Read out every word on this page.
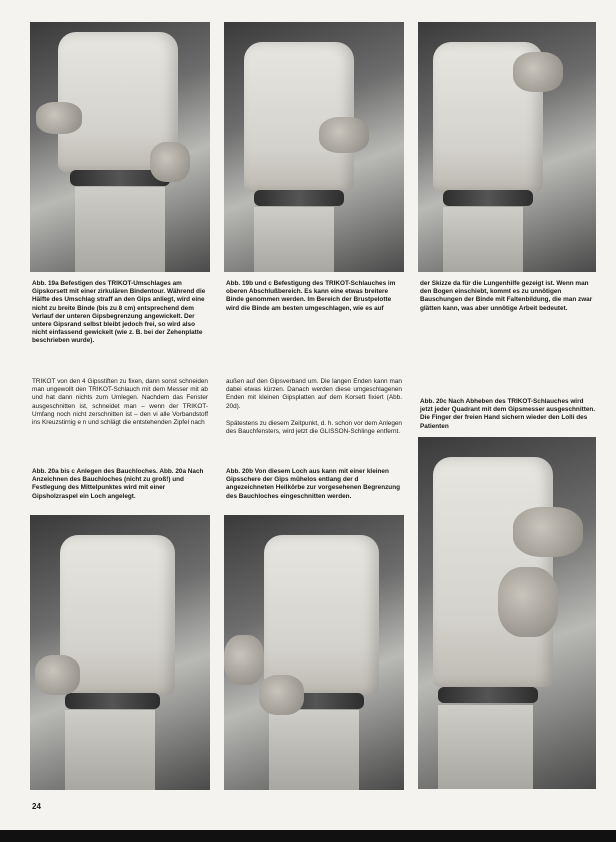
Abb. 19a Befestigen des TRIKOT-Umschlages am Gipskorsett mit einer zirkulären Bindentour. Während die Hälfte des Umschlag straff an den Gips anliegt, wird eine nicht zu breite Binde (bis zu 8 cm) entsprechend dem Verlauf der unteren Gipsbegrenzung angewickelt. Der untere Gipsrand selbst bleibt jedoch frei, so wird also nicht einfassend gewickelt (wie z. B. bei der Zehenplatte beschrieben wurde).

Abb. 19b und c Befestigung des TRIKOT-Schlauches im oberen Abschlußbereich. Es kann eine etwas breitere Binde genommen werden. Im Bereich der Brustpelotte wird die Binde am besten umgeschlagen, wie es auf

der Skizze da für die Lungenhilfe gezeigt ist. Wenn man den Bogen einschiebt, kommt es zu unnötigen Bauschungen der Binde mit Faltenbildung, die man zwar glätten kann, was aber unnötige Arbeit bedeutet.

TRIKOT von den 4 Gipsstiften zu fixen, dann sonst schneiden man ungewollt den TRIKOT-Schlauch mit dem Messer mit ab und hat dann nichts zum Umlegen. Nachdem das Fenster ausgeschnitten ist, schneidet man – wenn der TRIKOT-Umfang noch nicht zerschnitten ist – den vi alle Vorbandstoff ins Kreuzstirnig e n und schlägt die entstehenden Zipfel nach

außen auf den Gipsverband um. Die langen Enden kann man dabei etwas kürzen. Danach werden diese umgeschlagenen Enden mit kleinen Gipsplatten auf dem Korsett fixiert (Abb. 20d).

Spätestens zu diesem Zeitpunkt, d. h. schon vor dem Anlegen des Bauchfensters, wird jetzt die GLISSON-Schlinge entfernt.

Abb. 20c Nach Abheben des TRIKOT-Schlauches wird jetzt jeder Quadrant mit dem Gipsmesser ausgeschnitten. Die Finger der freien Hand sichern wieder den Lolli des Patienten

Abb. 20a bis c Anlegen des Bauchloches. Abb. 20a Nach Anzeichnen des Bauchloches (nicht zu groß!) und Festlegung des Mittelpunktes wird mit einer Gipsholzraspel ein Loch angelegt.

Abb. 20b Von diesem Loch aus kann mit einer kleinen Gipsschere der Gips mühelos entlang der d angezeichneten Heilkörbe zur vorgesehenen Begrenzung des Bauchloches eingeschnitten werden.

24
